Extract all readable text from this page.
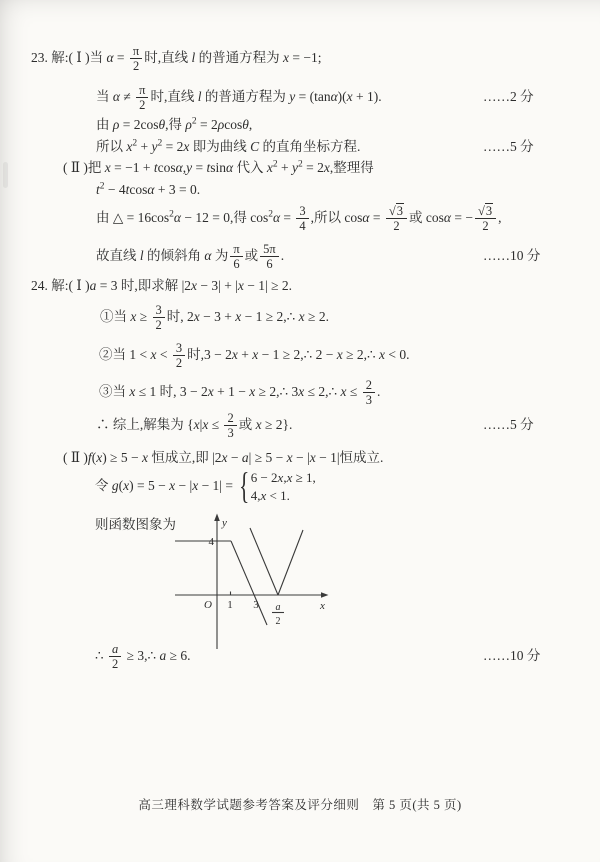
23. 解:( Ⅰ )当 $\alpha = \frac{\pi}{2}$ 时,直线 l 的普通方程为 x = −1;
当 $\alpha \ne \frac{\pi}{2}$ 时,直线 l 的普通方程为 y = (tanα)(x + 1).	……2 分
由 ρ = 2cosθ,得 $\rho^2 = 2\rho\cos\theta$,
所以 $x^2 + y^2 = 2x$ 即为曲线 C 的直角坐标方程.	……5 分
( Ⅱ )把 x = −1 + tcosα,y = tsinα 代入 $x^2 + y^2 = 2x$,整理得
$t^2 - 4tcos\alpha + 3 = 0$.
由 △ = $16\cos^2\alpha - 12 = 0$,得 $\cos^2\alpha = \frac{3}{4}$ ,所以 $\cos\alpha = \frac{√3}{2}$ 或 cosα = − $\frac{√3}{2}$ ,
故直线 l 的倾斜角 α 为 $\frac{\pi}{6}$ 或 $\frac{5\pi}{6}$ .	……10 分
24. 解:( Ⅰ )a = 3 时,即求解 |2x − 3| + |x − 1| ≥ 2.
①当 $x \ge \frac{3}{2}$ 时, 2x − 3 + x − 1 ≥ 2,∴ x ≥ 2.
②当 $1 < x < \frac{3}{2}$ 时,3 − 2x + x − 1 ≥ 2,∴ 2 − x ≥ 2,∴ x < 0.
③当 x ≤ 1 时, 3 − 2x + 1 − x ≥ 2,∴ 3x ≤ 2,∴ $x \le \frac{2}{3}$ .
∴ 综上,解集为 {$x|x \le \frac{2}{3}$ 或 x ≥ 2}.	……5 分
( Ⅱ )f(x) ≥ 5 − x 恒成立,即 |2x − a| ≥ 5 − x − |x − 1|恒成立.
令 g(x) = 5 − x − |x − 1| = { 6 − 2x,x ≥ 1,
4,x < 1.
则函数图象为
∴ $\frac{a}{2}$ ≥ 3,∴ a ≥ 6.	……10 分
y
4
O 1 3	x
a
2
高三理科数学试题参考答案及评分细则　第 5 页(共 5 页)
